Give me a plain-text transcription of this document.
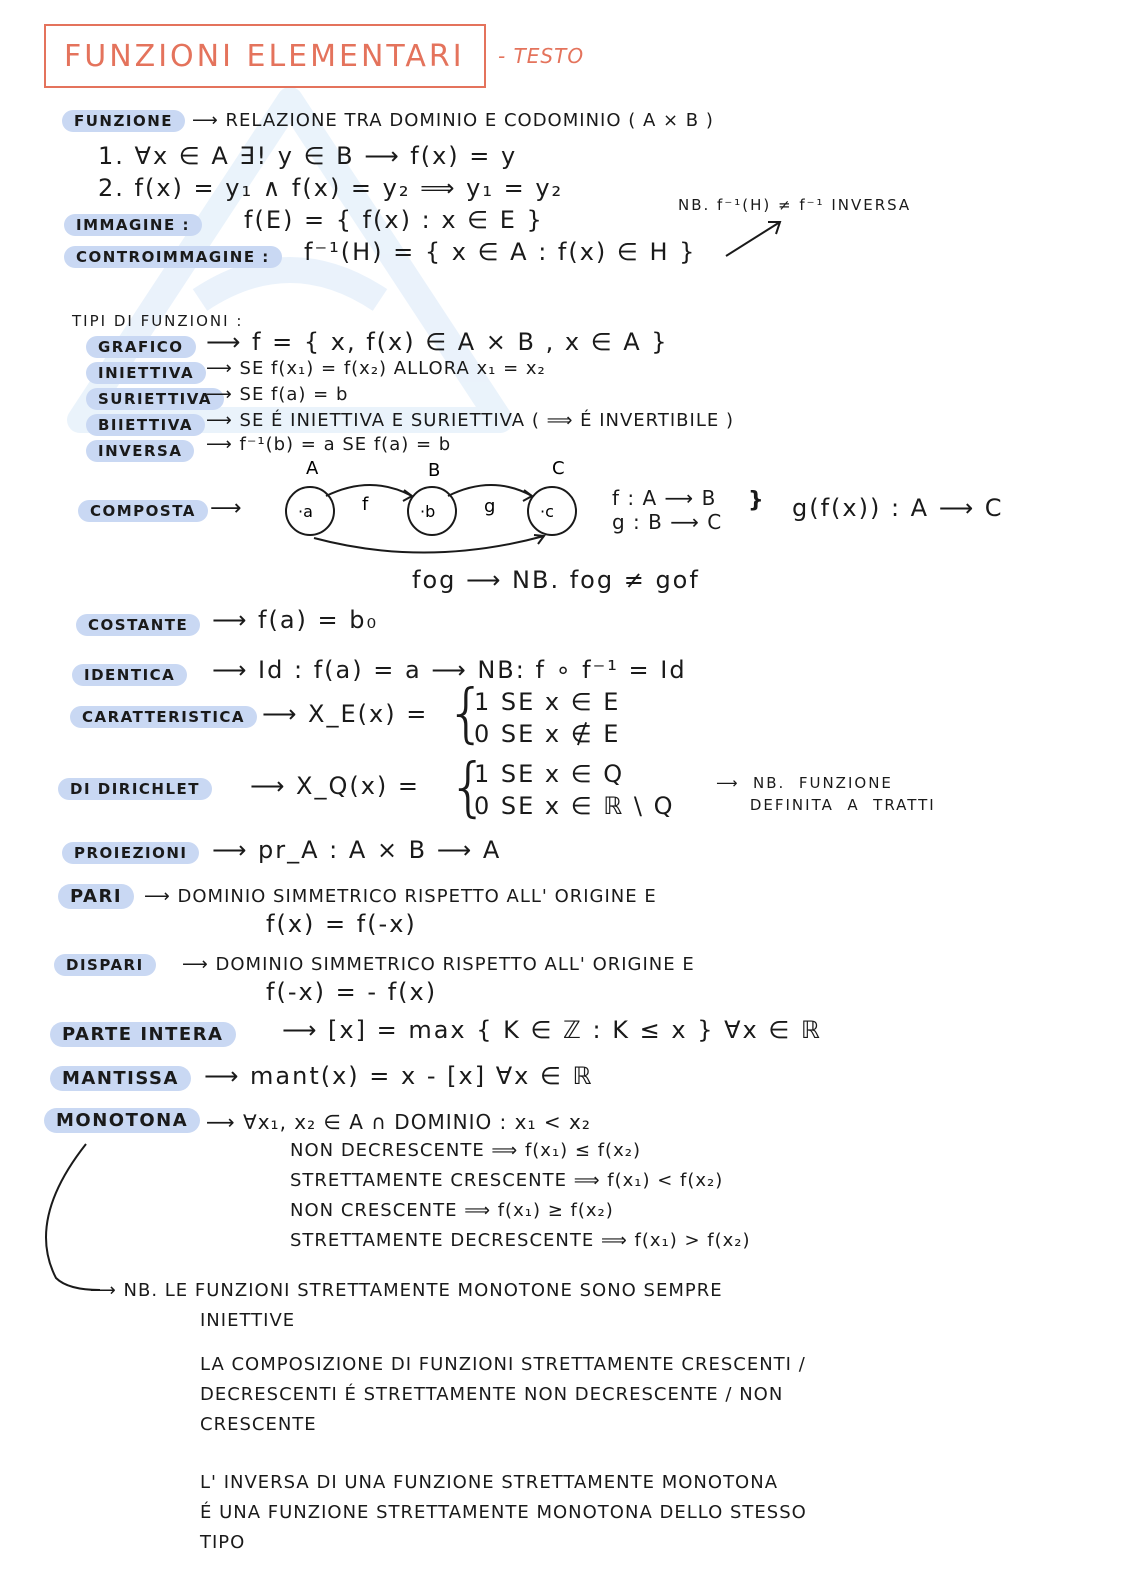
FUNZIONI ELEMENTARI - TESTO
FUNZIONE	⟶ RELAZIONE TRA DOMINIO E CODOMINIO ( A × B )
1. ∀x ∈ A ∃! y ∈ B ⟶ f(x) = y
2. f(x) = y₁ ∧ f(x) = y₂ ⟹ y₁ = y₂
NB. f⁻¹(H) ≠ f⁻¹ INVERSA
IMMAGINE :	f(E) = { f(x) : x ∈ E }
CONTROIMMAGINE :	f⁻¹(H) = { x ∈ A : f(x) ∈ H }
TIPI DI FUNZIONI :
GRAFICO ⟶ f = { x, f(x) ∈ A × B , x ∈ A }
INIETTIVA ⟶ SE f(x₁) = f(x₂) ALLORA x₁ = x₂
SURIETTIVA
⟶ SE f(a) = b
BIIETTIVA ⟶ SE É INIETTIVA E SURIETTIVA ( ⟹ É INVERTIBILE )
INVERSA	⟶ f⁻¹(b) = a SE f(a) = b
COMPOSTA ⟶
A	B	C
·a	·b	·c
f	g	f : A ⟶ B
g : B ⟶ C
} g(f(x)) : A ⟶ C
fog ⟶ NB. fog ≠ gof
COSTANTE ⟶ f(a) = b₀
IDENTICA	⟶ Id : f(a) = a ⟶ NB: f ∘ f⁻¹ = Id
CARATTERISTICA ⟶ X_E(x) = {
1 SE x ∈ E
0 SE x ∉ E
DI DIRICHLET	⟶ X_Q(x) = {
1 SE x ∈ Q
0 SE x ∈ ℝ \ Q
⟶  NB.  FUNZIONE
DEFINITA  A  TRATTI
PROIEZIONI	⟶ pr_A : A × B ⟶ A
PARI	⟶ DOMINIO SIMMETRICO RISPETTO ALL' ORIGINE E
f(x) = f(-x)
DISPARI	⟶ DOMINIO SIMMETRICO RISPETTO ALL' ORIGINE E
f(-x) = - f(x)
PARTE INTERA	⟶ [x] = max { K ∈ ℤ : K ≤ x } ∀x ∈ ℝ
MANTISSA	⟶ mant(x) = x - [x] ∀x ∈ ℝ
MONOTONA ⟶ ∀x₁, x₂ ∈ A ∩ DOMINIO : x₁ < x₂
NON DECRESCENTE ⟹ f(x₁) ≤ f(x₂)
STRETTAMENTE CRESCENTE ⟹ f(x₁) < f(x₂)
NON CRESCENTE ⟹ f(x₁) ≥ f(x₂)
STRETTAMENTE DECRESCENTE ⟹ f(x₁) > f(x₂)
⟶ NB. LE FUNZIONI STRETTAMENTE MONOTONE SONO SEMPRE
INIETTIVE
LA COMPOSIZIONE DI FUNZIONI STRETTAMENTE CRESCENTI /
DECRESCENTI É STRETTAMENTE NON DECRESCENTE / NON
CRESCENTE
L' INVERSA DI UNA FUNZIONE STRETTAMENTE MONOTONA
É UNA FUNZIONE STRETTAMENTE MONOTONA DELLO STESSO
TIPO
